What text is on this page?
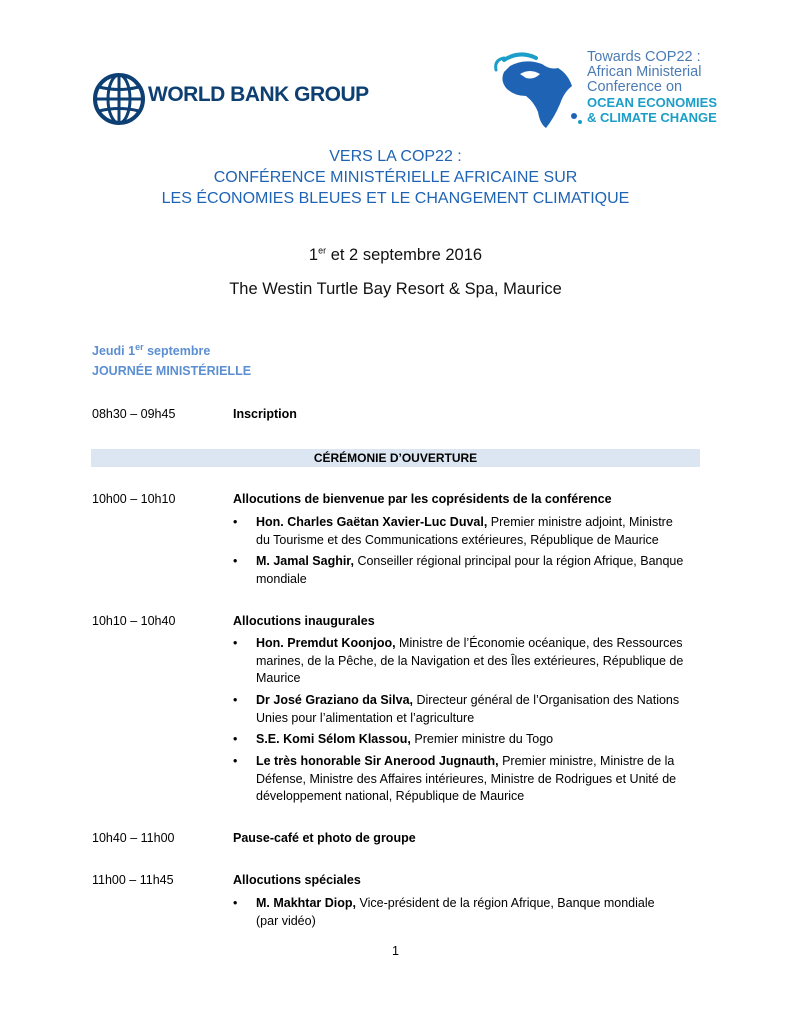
WORLD BANK GROUP
Towards COP22 :
African Ministerial
Conference on
OCEAN ECONOMIES
& CLIMATE CHANGE
VERS LA COP22 :
CONFÉRENCE MINISTÉRIELLE AFRICAINE SUR
LES ÉCONOMIES BLEUES ET LE CHANGEMENT CLIMATIQUE
1er et 2 septembre 2016
The Westin Turtle Bay Resort & Spa, Maurice
Jeudi 1er septembre
JOURNÉE MINISTÉRIELLE
08h30 – 09h45	Inscription
CÉRÉMONIE D’OUVERTURE
10h00 – 10h10	Allocutions de bienvenue par les coprésidents de la conférence
• Hon. Charles Gaëtan Xavier-Luc Duval, Premier ministre adjoint, Ministre
du Tourisme et des Communications extérieures, République de Maurice
• M. Jamal Saghir, Conseiller régional principal pour la région Afrique, Banque
mondiale
10h10 – 10h40	Allocutions inaugurales
• Hon. Premdut Koonjoo, Ministre de l’Économie océanique, des Ressources
marines, de la Pêche, de la Navigation et des Îles extérieures, République de
Maurice
• Dr José Graziano da Silva, Directeur général de l’Organisation des Nations
Unies pour l’alimentation et l’agriculture
• S.E. Komi Sélom Klassou, Premier ministre du Togo
• Le très honorable Sir Anerood Jugnauth, Premier ministre, Ministre de la
Défense, Ministre des Affaires intérieures, Ministre de Rodrigues et Unité de
développement national, République de Maurice
10h40 – 11h00	Pause-café et photo de groupe
11h00 – 11h45	Allocutions spéciales
• M. Makhtar Diop, Vice-président de la région Afrique, Banque mondiale
(par vidéo)
1
